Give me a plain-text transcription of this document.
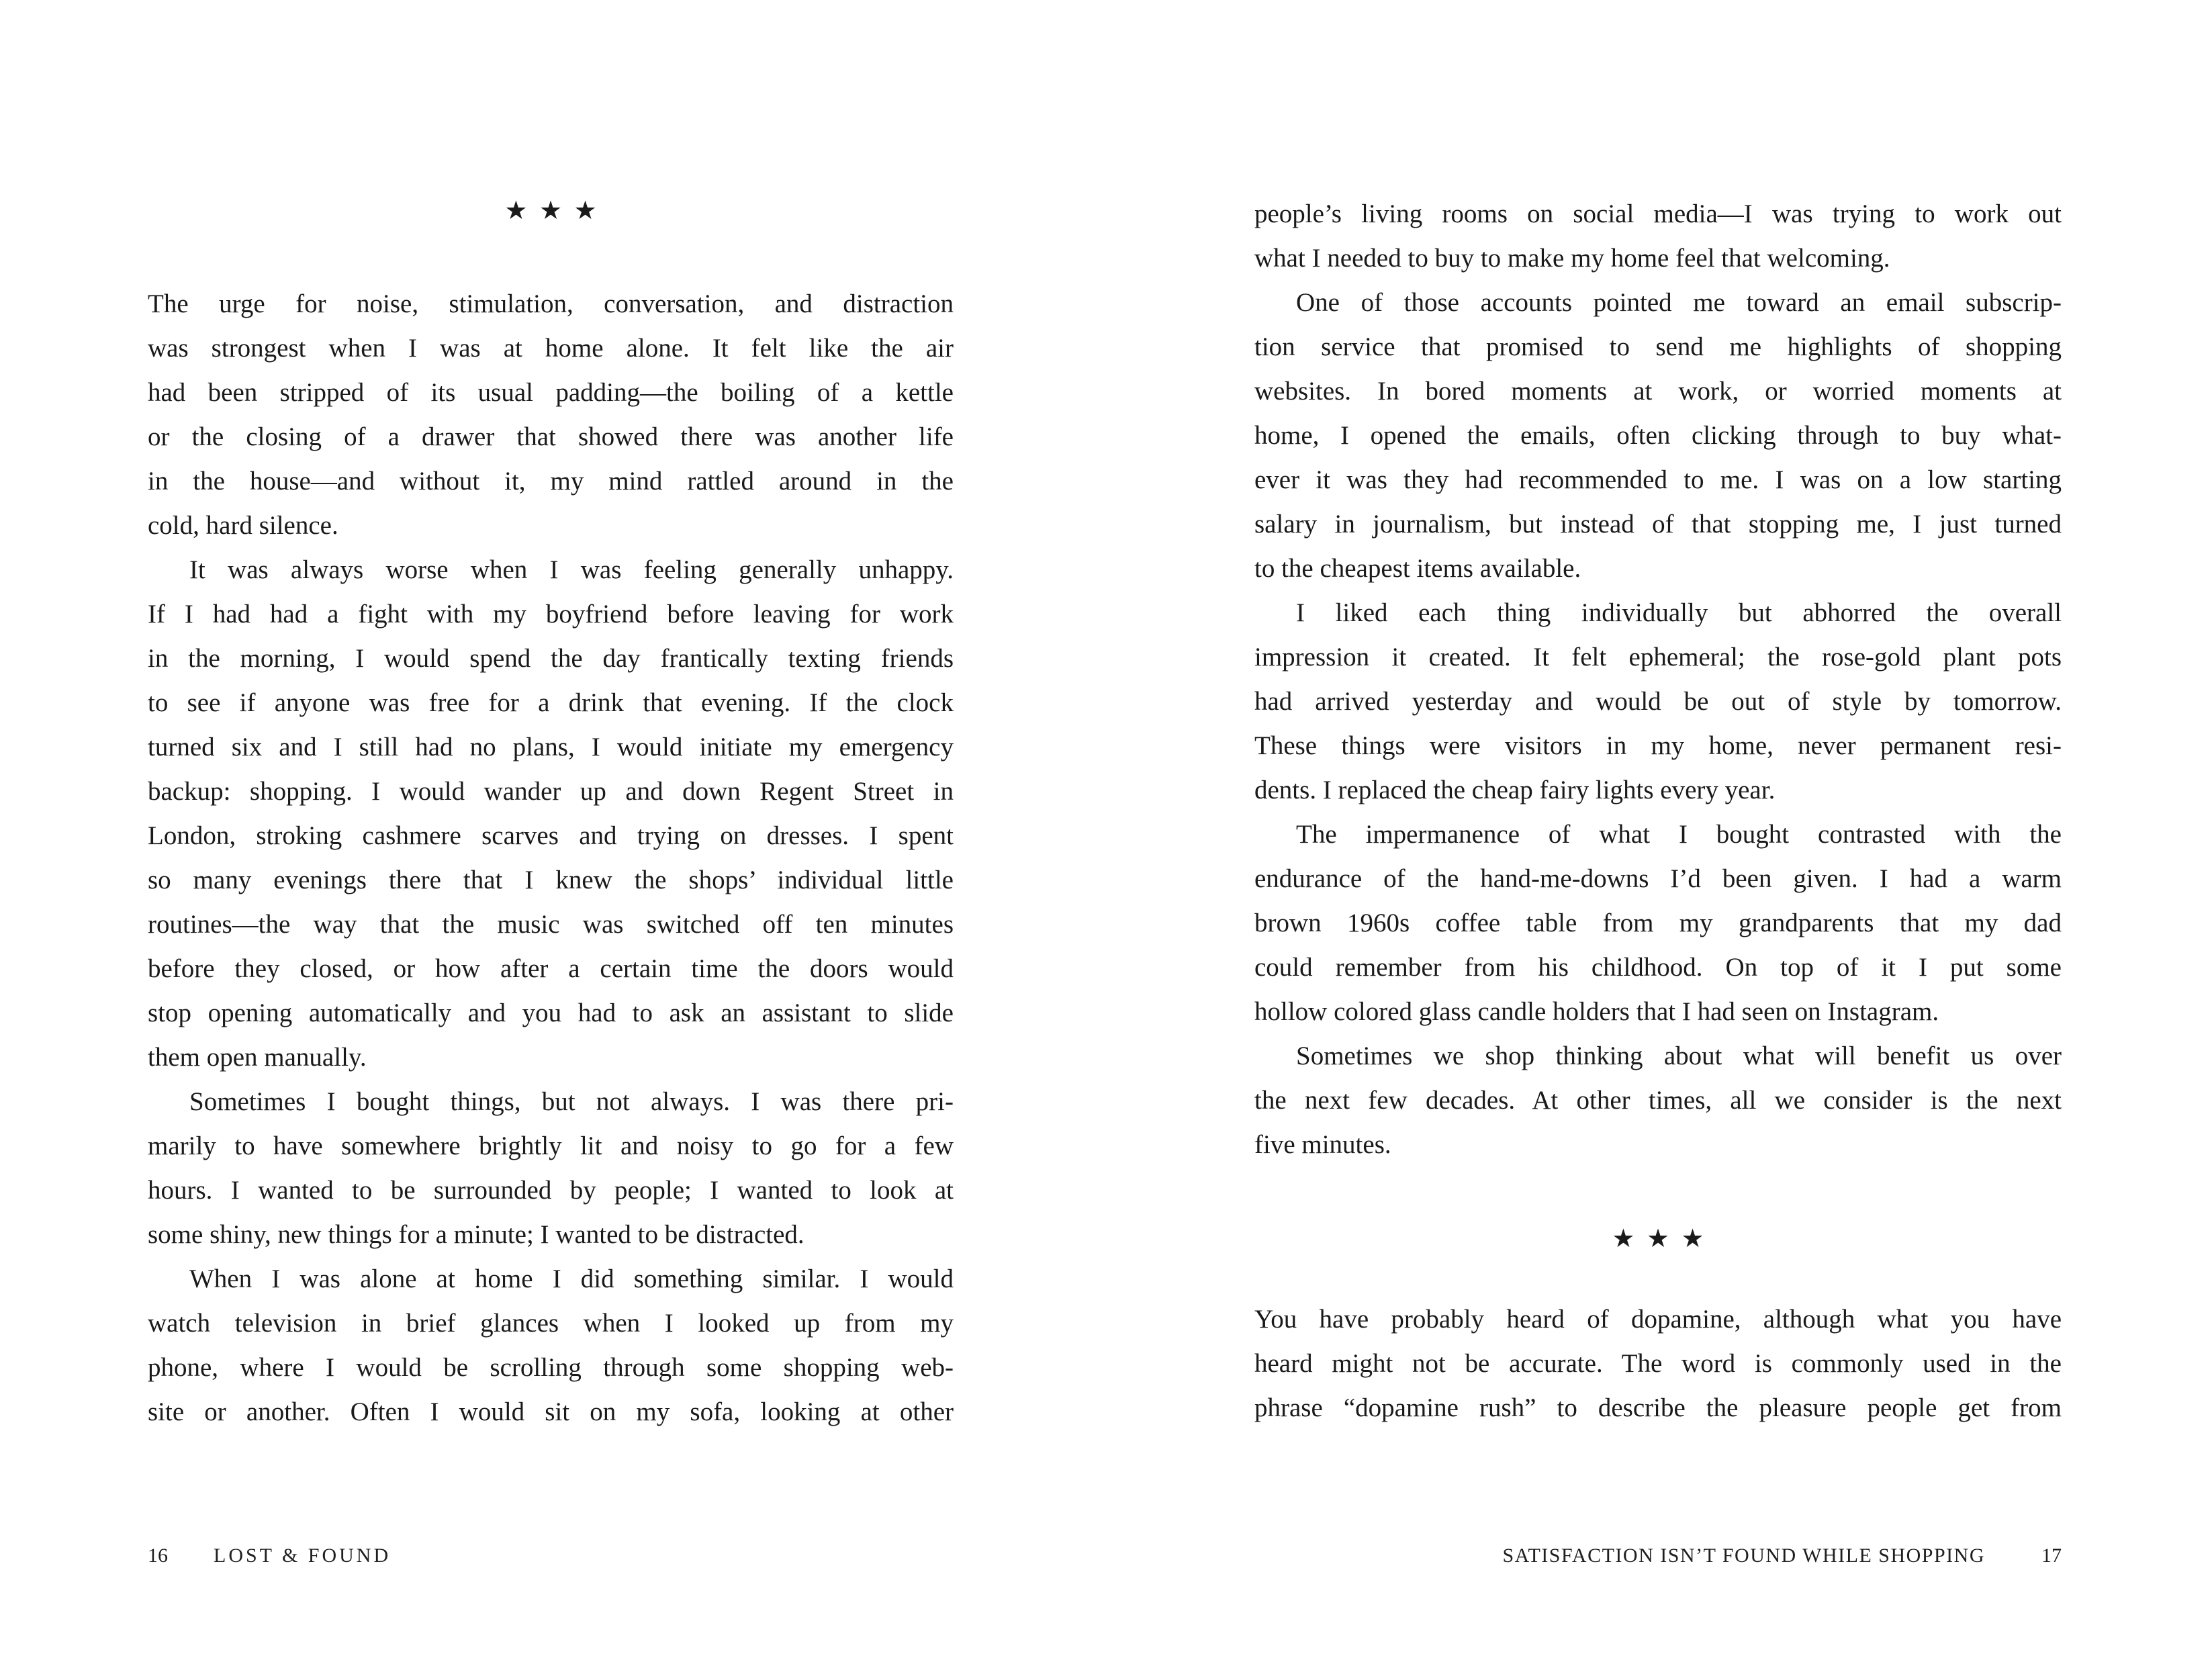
★ ★ ★
The urge for noise, stimulation, conversation, and distraction
was strongest when I was at home alone. It felt like the air
had been stripped of its usual padding—the boiling of a kettle
or the closing of a drawer that showed there was another life
in the house—and without it, my mind rattled around in the
cold, hard silence.
It was always worse when I was feeling generally unhappy.
If I had had a fight with my boyfriend before leaving for work
in the morning, I would spend the day frantically texting friends
to see if anyone was free for a drink that evening. If the clock
turned six and I still had no plans, I would initiate my emergency
backup: shopping. I would wander up and down Regent Street in
London, stroking cashmere scarves and trying on dresses. I spent
so many evenings there that I knew the shops’ individual little
routines—the way that the music was switched off ten minutes
before they closed, or how after a certain time the doors would
stop opening automatically and you had to ask an assistant to slide
them open manually.
Sometimes I bought things, but not always. I was there pri-
marily to have somewhere brightly lit and noisy to go for a few
hours. I wanted to be surrounded by people; I wanted to look at
some shiny, new things for a minute; I wanted to be distracted.
When I was alone at home I did something similar. I would
watch television in brief glances when I looked up from my
phone, where I would be scrolling through some shopping web-
site or another. Often I would sit on my sofa, looking at other
16 LOST & FOUND
people’s living rooms on social media—I was trying to work out
what I needed to buy to make my home feel that welcoming.
One of those accounts pointed me toward an email subscrip-
tion service that promised to send me highlights of shopping
websites. In bored moments at work, or worried moments at
home, I opened the emails, often clicking through to buy what-
ever it was they had recommended to me. I was on a low starting
salary in journalism, but instead of that stopping me, I just turned
to the cheapest items available.
I liked each thing individually but abhorred the overall
impression it created. It felt ephemeral; the rose-gold plant pots
had arrived yesterday and would be out of style by tomorrow.
These things were visitors in my home, never permanent resi-
dents. I replaced the cheap fairy lights every year.
The impermanence of what I bought contrasted with the
endurance of the hand-me-downs I’d been given. I had a warm
brown 1960s coffee table from my grandparents that my dad
could remember from his childhood. On top of it I put some
hollow colored glass candle holders that I had seen on Instagram.
Sometimes we shop thinking about what will benefit us over
the next few decades. At other times, all we consider is the next
five minutes.
★ ★ ★
You have probably heard of dopamine, although what you have
heard might not be accurate. The word is commonly used in the
phrase “dopamine rush” to describe the pleasure people get from
SATISFACTION ISN’T FOUND WHILE SHOPPING	17
